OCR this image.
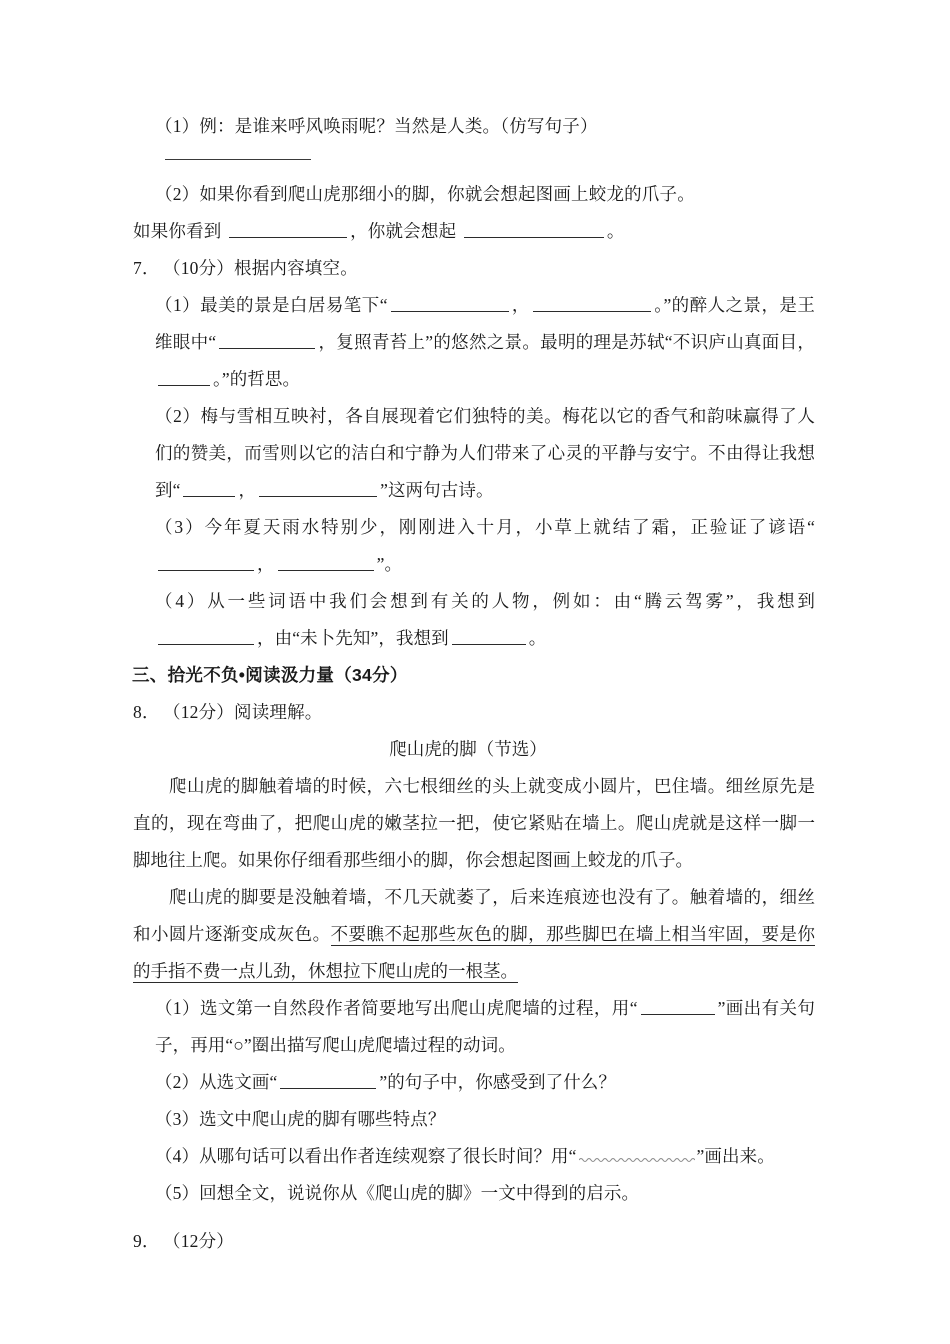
（1）例：是谁来呼风唤雨呢？当然是人类。（仿写句子）
（2）如果你看到爬山虎那细小的脚，你就会想起图画上蛟龙的爪子。
如果你看到	，你就会想起	。
7． （10分）根据内容填空。
（1）最美的景是白居易笔下“	，	。”的醉人之景，是王维眼中“	，复照青苔上”的悠然之景。最明的理是苏轼“不识庐山真面目，。”的哲思。
（2）梅与雪相互映衬，各自展现着它们独特的美。梅花以它的香气和韵味赢得了人们的赞美，而雪则以它的洁白和宁静为人们带来了心灵的平静与安宁。不由得让我想到“	，	”这两句古诗。
（3）今年夏天雨水特别少，刚刚进入十月，小草上就结了霜，正验证了谚语“，	”。
（4）从一些词语中我们会想到有关的人物，例如：由“腾云驾雾”，我想到，由“未卜先知”，我想到	。
三、拾光不负•阅读汲力量（34分）
8． （12分）阅读理解。
爬山虎的脚（节选）
爬山虎的脚触着墙的时候，六七根细丝的头上就变成小圆片，巴住墙。细丝原先是直的，现在弯曲了，把爬山虎的嫩茎拉一把，使它紧贴在墙上。爬山虎就是这样一脚一脚地往上爬。如果你仔细看那些细小的脚，你会想起图画上蛟龙的爪子。
爬山虎的脚要是没触着墙，不几天就萎了，后来连痕迹也没有了。触着墙的，细丝和小圆片逐渐变成灰色。不要瞧不起那些灰色的脚，那些脚巴在墙上相当牢固，要是你的手指不费一点儿劲，休想拉下爬山虎的一根茎。
（1）选文第一自然段作者简要地写出爬山虎爬墙的过程，用“	”画出有关句子，再用“○”圈出描写爬山虎爬墙过程的动词。
（2）从选文画“	”的句子中，你感受到了什么？
（3）选文中爬山虎的脚有哪些特点？
（4）从哪句话可以看出作者连续观察了很长时间？用“	”画出来。
（5）回想全文，说说你从《爬山虎的脚》一文中得到的启示。
9． （12分）
